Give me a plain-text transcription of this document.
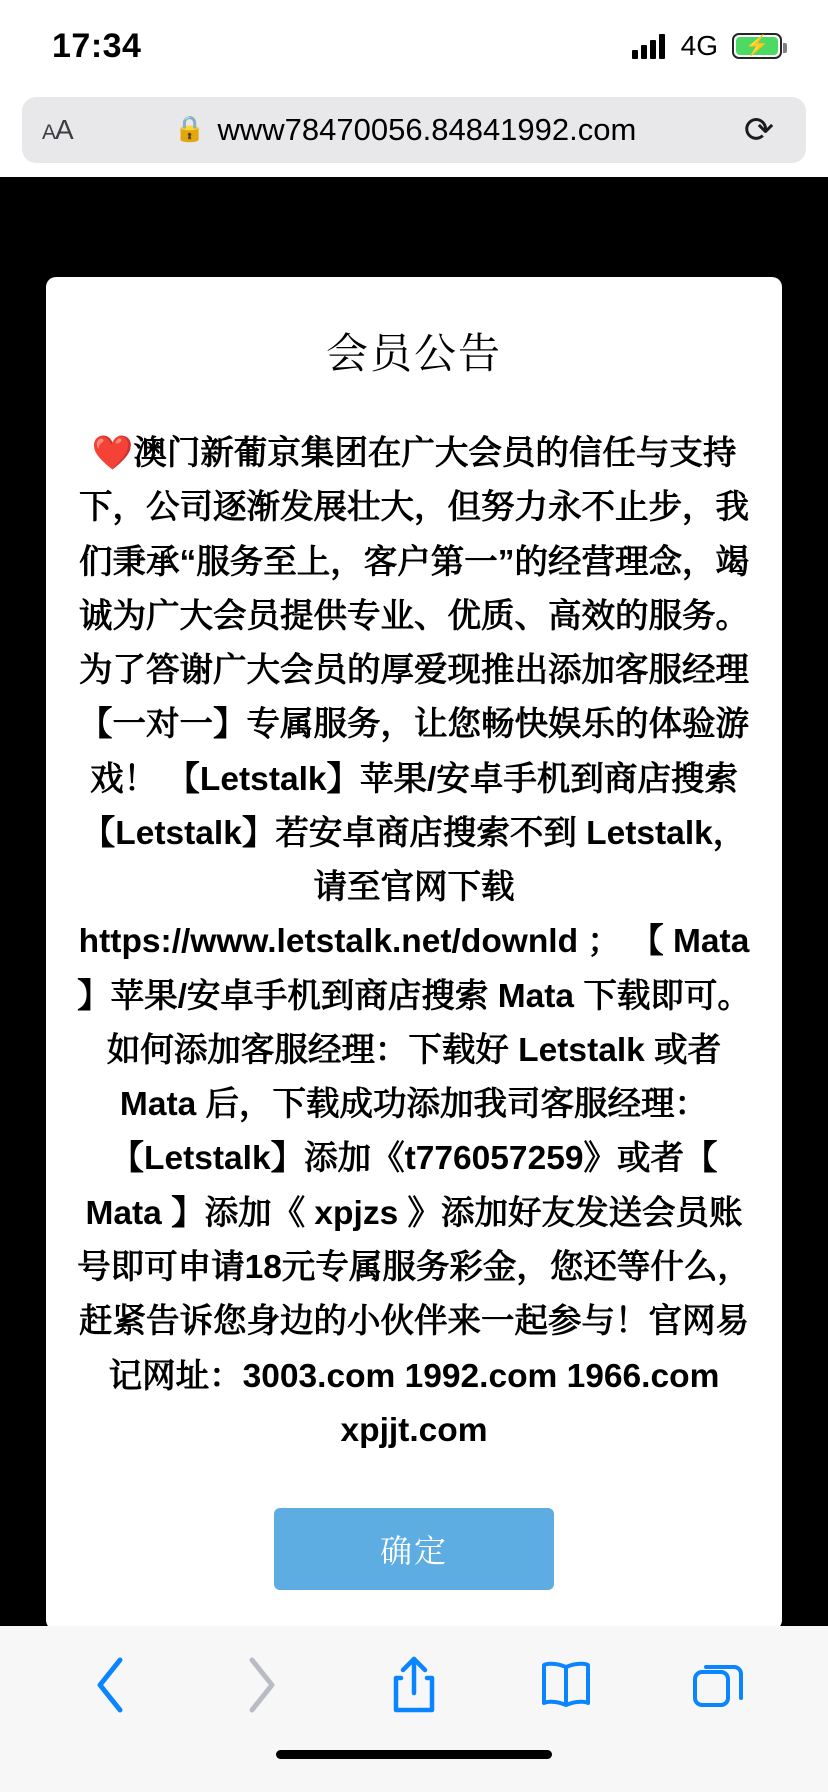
17:34	4G ⚡
AA	🔒 www78470056.84841992.com	⟳
会员公告
❤️澳门新葡京集团在广大会员的信任与支持下，公司逐渐发展壮大，但努力永不止步，我们秉承“服务至上，客户第一”的经营理念，竭诚为广大会员提供专业、优质、高效的服务。为了答谢广大会员的厚爱现推出添加客服经理【一对一】专属服务，让您畅快娱乐的体验游戏！ 【Letstalk】苹果/安卓手机到商店搜索【Letstalk】若安卓商店搜索不到 Letstalk，请至官网下载 https://www.letstalk.net/downld ； 【 Mata 】苹果/安卓手机到商店搜索 Mata 下载即可。 如何添加客服经理：下载好 Letstalk 或者 Mata 后，下载成功添加我司客服经理： 【Letstalk】添加《t776057259》或者【 Mata 】添加《 xpjzs 》添加好友发送会员账号即可申请18元专属服务彩金，您还等什么，赶紧告诉您身边的小伙伴来一起参与！官网易记网址：3003.com 1992.com 1966.com xpjjt.com
确定
